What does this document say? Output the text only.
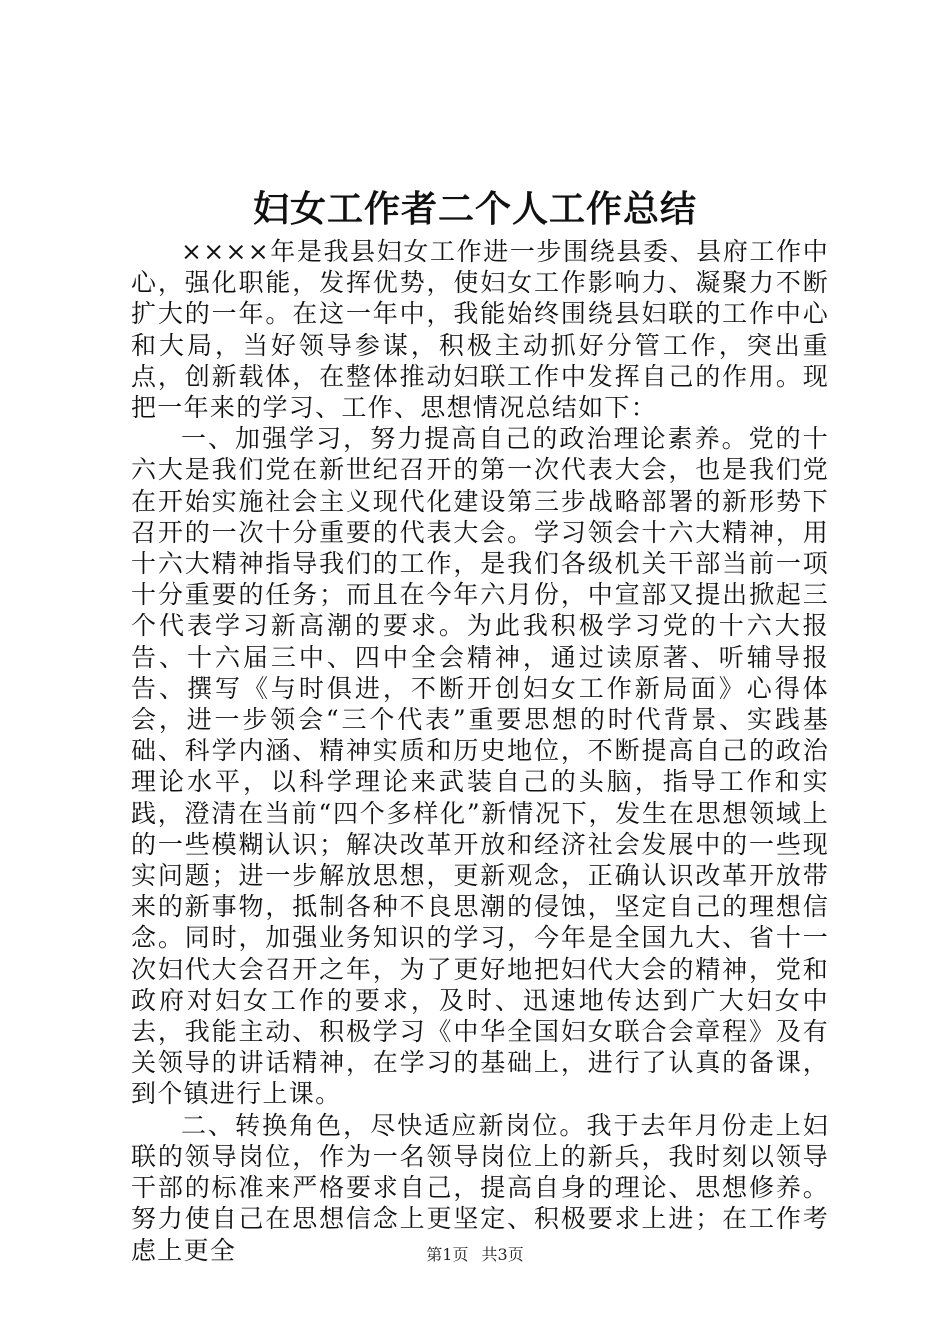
妇女工作者二个人工作总结

××××年是我县妇女工作进一步围绕县委、县府工作中心，强化职能，发挥优势，使妇女工作影响力、凝聚力不断扩大的一年。在这一年中，我能始终围绕县妇联的工作中心和大局，当好领导参谋，积极主动抓好分管工作，突出重点，创新载体，在整体推动妇联工作中发挥自己的作用。现把一年来的学习、工作、思想情况总结如下：

一、加强学习，努力提高自己的政治理论素养。党的十六大是我们党在新世纪召开的第一次代表大会，也是我们党在开始实施社会主义现代化建设第三步战略部署的新形势下召开的一次十分重要的代表大会。学习领会十六大精神，用十六大精神指导我们的工作，是我们各级机关干部当前一项十分重要的任务；而且在今年六月份，中宣部又提出掀起三个代表学习新高潮的要求。为此我积极学习党的十六大报告、十六届三中、四中全会精神，通过读原著、听辅导报告、撰写《与时俱进，不断开创妇女工作新局面》心得体会，进一步领会“三个代表”重要思想的时代背景、实践基础、科学内涵、精神实质和历史地位，不断提高自己的政治理论水平，以科学理论来武装自己的头脑，指导工作和实践，澄清在当前“四个多样化”新情况下，发生在思想领域上的一些模糊认识；解决改革开放和经济社会发展中的一些现实问题；进一步解放思想，更新观念，正确认识改革开放带来的新事物，抵制各种不良思潮的侵蚀，坚定自己的理想信念。同时，加强业务知识的学习，今年是全国九大、省十一次妇代大会召开之年，为了更好地把妇代大会的精神，党和政府对妇女工作的要求，及时、迅速地传达到广大妇女中去，我能主动、积极学习《中华全国妇女联合会章程》及有关领导的讲话精神，在学习的基础上，进行了认真的备课，到个镇进行上课。

二、转换角色，尽快适应新岗位。我于去年月份走上妇联的领导岗位，作为一名领导岗位上的新兵，我时刻以领导干部的标准来严格要求自己，提高自身的理论、思想修养。努力使自己在思想信念上更坚定、积极要求上进；在工作考虑上更全	第1页 共3页
